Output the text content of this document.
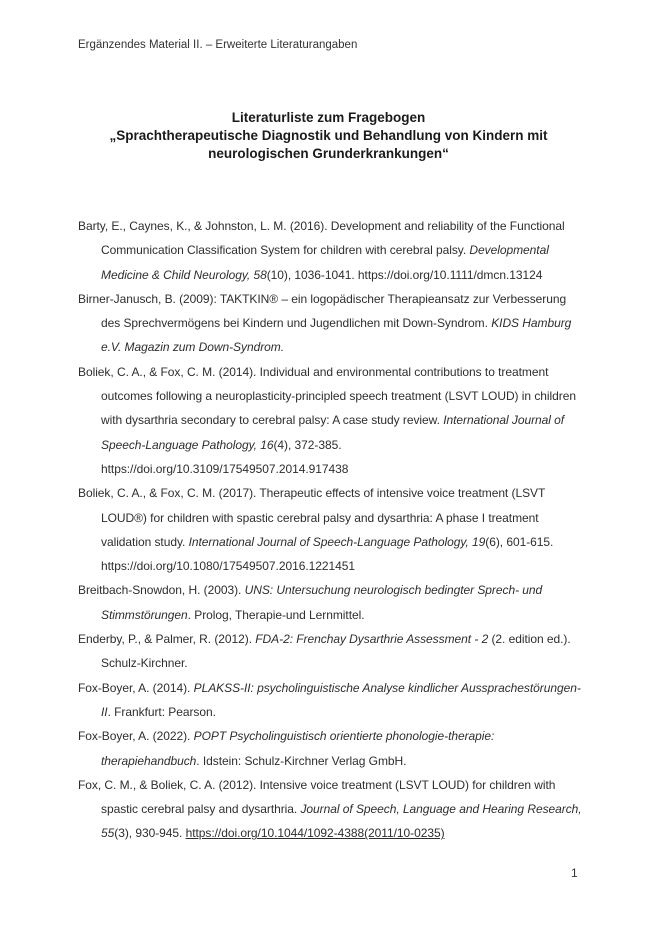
Ergänzendes Material II. – Erweiterte Literaturangaben
Literaturliste zum Fragebogen
„Sprachtherapeutische Diagnostik und Behandlung von Kindern mit
neurologischen Grunderkrankungen“
Barty, E., Caynes, K., & Johnston, L. M. (2016). Development and reliability of the Functional Communication Classification System for children with cerebral palsy. Developmental Medicine & Child Neurology, 58(10), 1036-1041. https://doi.org/10.1111/dmcn.13124
Birner-Janusch, B. (2009): TAKTKIN® – ein logopädischer Therapieansatz zur Verbesserung des Sprechvermögens bei Kindern und Jugendlichen mit Down-Syndrom. KIDS Hamburg e.V. Magazin zum Down-Syndrom.
Boliek, C. A., & Fox, C. M. (2014). Individual and environmental contributions to treatment outcomes following a neuroplasticity-principled speech treatment (LSVT LOUD) in children with dysarthria secondary to cerebral palsy: A case study review. International Journal of Speech-Language Pathology, 16(4), 372-385. https://doi.org/10.3109/17549507.2014.917438
Boliek, C. A., & Fox, C. M. (2017). Therapeutic effects of intensive voice treatment (LSVT LOUD®) for children with spastic cerebral palsy and dysarthria: A phase I treatment validation study. International Journal of Speech-Language Pathology, 19(6), 601-615. https://doi.org/10.1080/17549507.2016.1221451
Breitbach-Snowdon, H. (2003). UNS: Untersuchung neurologisch bedingter Sprech- und Stimmstörungen. Prolog, Therapie-und Lernmittel.
Enderby, P., & Palmer, R. (2012). FDA-2: Frenchay Dysarthrie Assessment - 2 (2. edition ed.). Schulz-Kirchner.
Fox-Boyer, A. (2014). PLAKSS-II: psycholinguistische Analyse kindlicher Aussprachestörungen-II. Frankfurt: Pearson.
Fox-Boyer, A. (2022). POPT Psycholinguistisch orientierte phonologie-therapie: therapiehandbuch. Idstein: Schulz-Kirchner Verlag GmbH.
Fox, C. M., & Boliek, C. A. (2012). Intensive voice treatment (LSVT LOUD) for children with spastic cerebral palsy and dysarthria. Journal of Speech, Language and Hearing Research, 55(3), 930-945. https://doi.org/10.1044/1092-4388(2011/10-0235)
1
